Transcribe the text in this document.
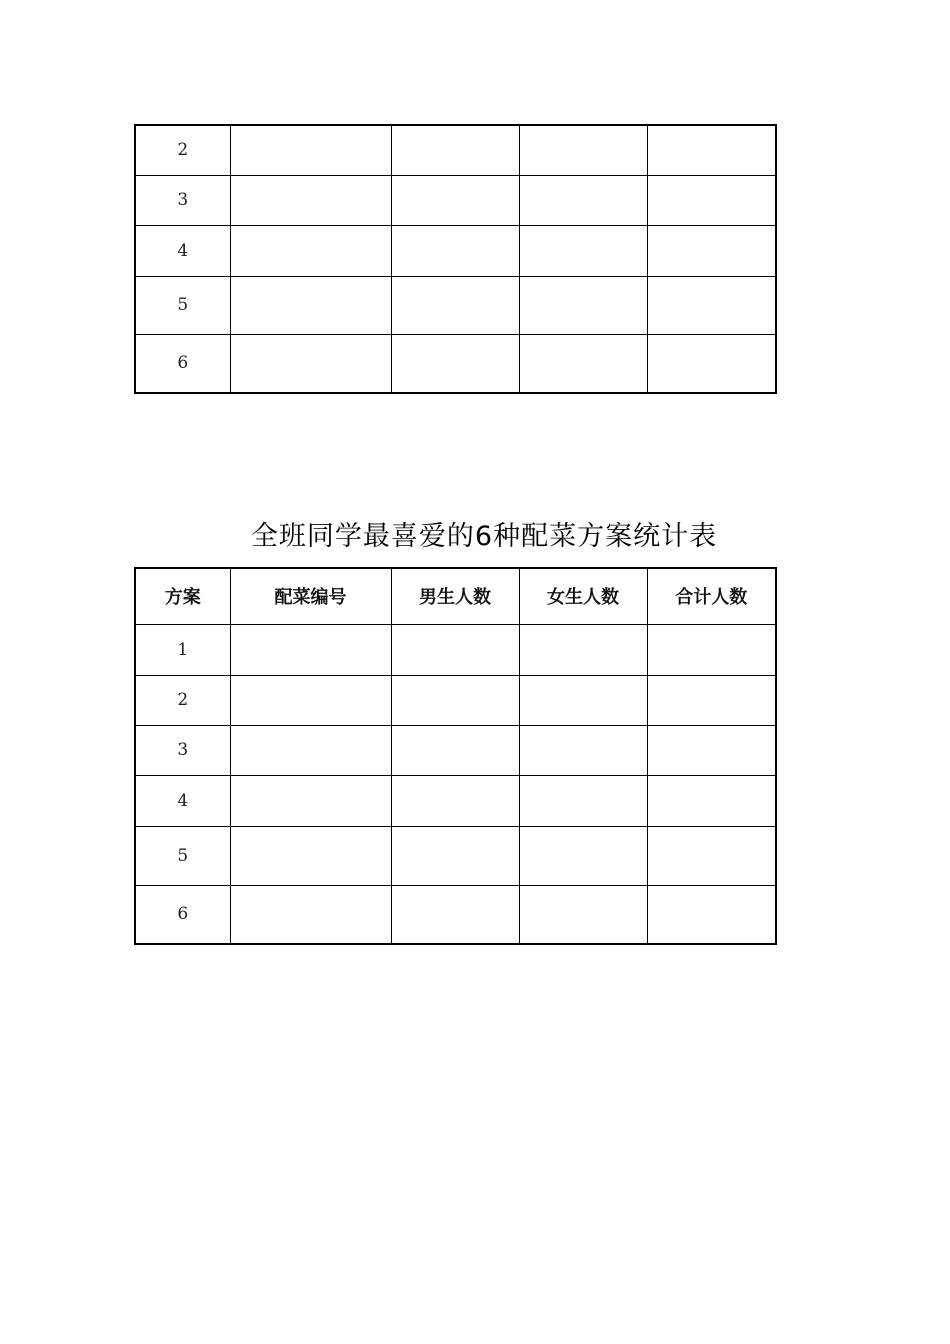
2				
3				
4				
5				
6				
全班同学最喜爱的6种配菜方案统计表
方案	配菜编号	男生人数	女生人数	合计人数
1				
2				
3				
4				
5				
6				
